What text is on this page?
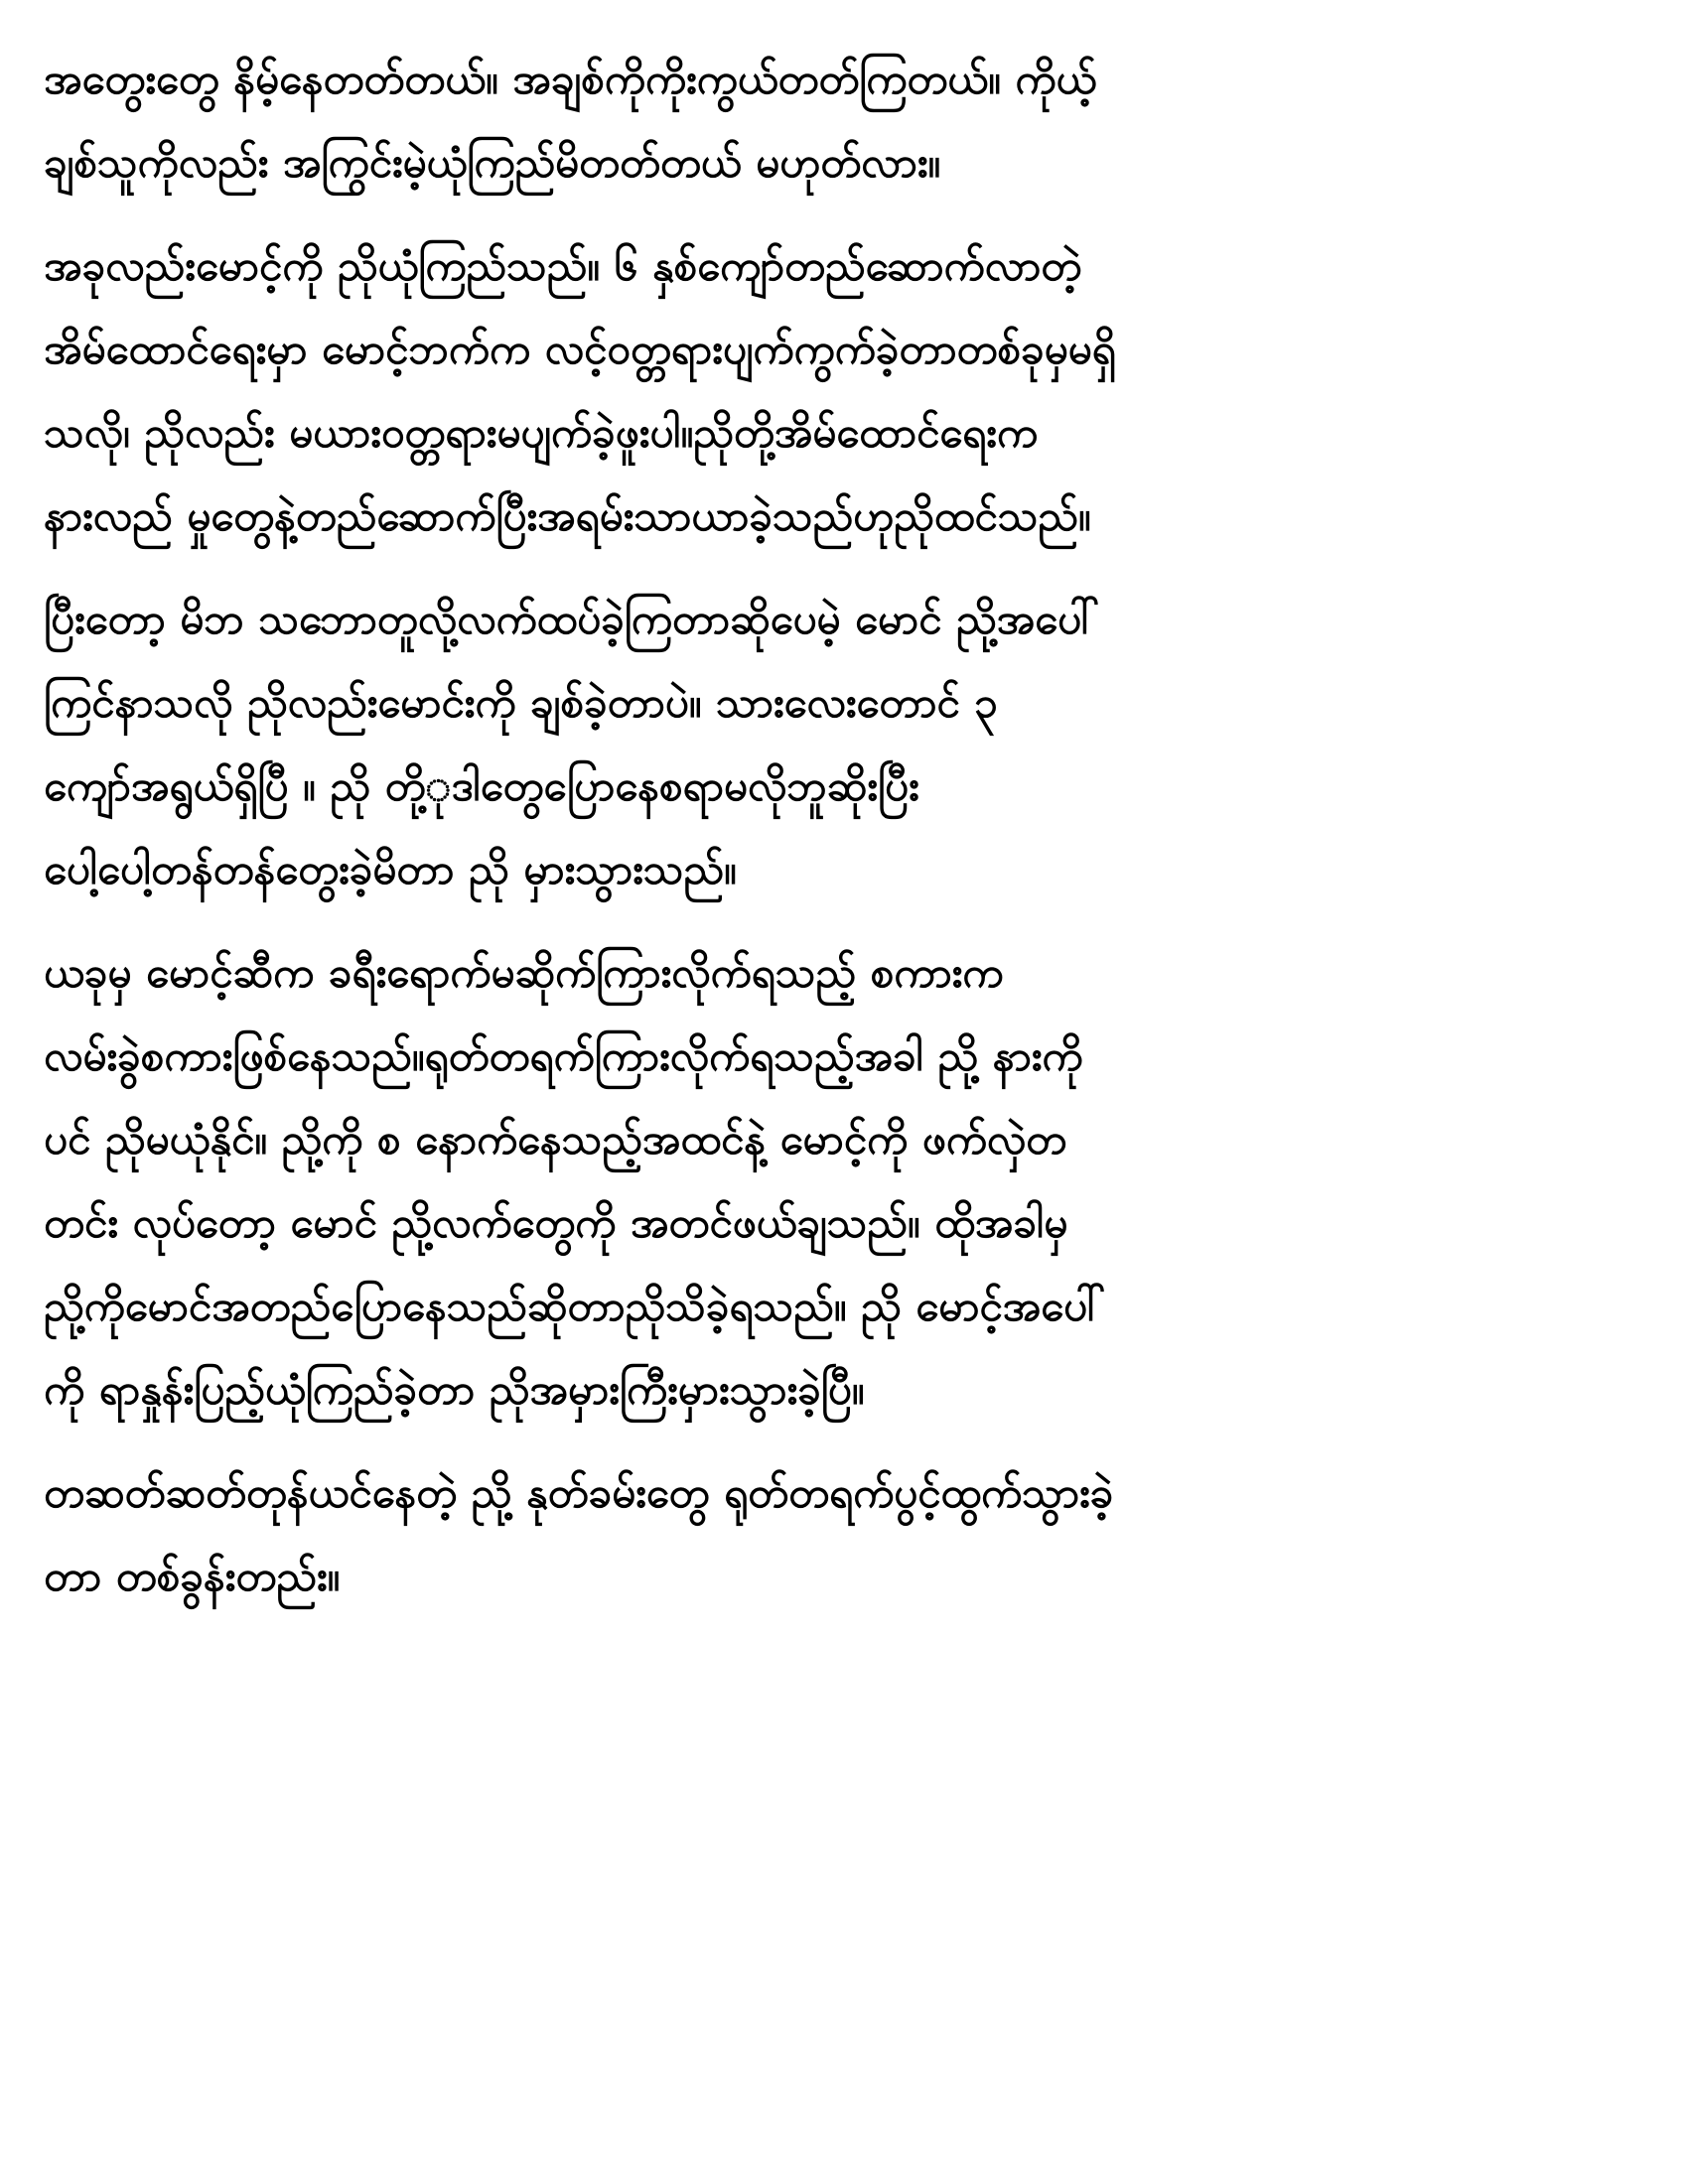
အတွေးတွေ နိမ့်နေတတ်တယ်။ အချစ်ကိုကိုးကွယ်တတ်ကြတယ်။ ကိုယ့်
ချစ်သူကိုလည်း အကြွင်းမဲ့ယုံကြည်မိတတ်တယ် မဟုတ်လား။

အခုလည်းမောင့်ကို ညိုယုံကြည်သည်။ ၆ နှစ်ကျော်တည်ဆောက်လာတဲ့
အိမ်ထောင်ရေးမှာ မောင့်ဘက်က လင့်ဝတ္တရားပျက်ကွက်ခဲ့တာတစ်ခုမှမရှိ
သလို၊ ညိုလည်း မယားဝတ္တရားမပျက်ခဲ့ဖူးပါ။ညိုတို့အိမ်ထောင်ရေးက
နားလည် မှုတွေနဲ့တည်ဆောက်ပြီးအရမ်းသာယာခဲ့သည်ဟုညိုထင်သည်။

ပြီးတော့ မိဘ သဘောတူလို့လက်ထပ်ခဲ့ကြတာဆိုပေမဲ့ မောင် ညို့အပေါ်
ကြင်နာသလို ညိုလည်းမောင်းကို ချစ်ခဲ့တာပဲ။ သားလေးတောင် ၃
ကျော်အရွယ်ရှိပြီ ။ ညို တို့ုဒါတွေပြောနေစရာမလိုဘူဆိုးပြီး
ပေါ့ပေါ့တန်တန်တွေးခဲ့မိတာ ညို မှားသွားသည်။

ယခုမှ မောင့်ဆီက ခရီးရောက်မဆိုက်ကြားလိုက်ရသည့် စကားက
လမ်းခွဲစကားဖြစ်နေသည်။ရုတ်တရက်ကြားလိုက်ရသည့်အခါ ညို့ နားကို
ပင် ညိုမယုံနိုင်။ ညို့ကို စ နောက်နေသည့်အထင်နဲ့ မောင့်ကို ဖက်လှဲတ
တင်း လုပ်တော့ မောင် ညို့လက်တွေကို အတင်ဖယ်ချသည်။ ထိုအခါမှ
ညို့ကိုမောင်အတည်ပြောနေသည်ဆိုတာညိုသိခဲ့ရသည်။ ညို မောင့်အပေါ်
ကို ရာနှုန်းပြည့်ယုံကြည်ခဲ့တာ ညိုအမှားကြီးမှားသွားခဲ့ပြီ။

တဆတ်ဆတ်တုန်ယင်နေတဲ့ ညို့ နုတ်ခမ်းတွေ ရုတ်တရက်ပွင့်ထွက်သွားခဲ့
တာ တစ်ခွန်းတည်း။
